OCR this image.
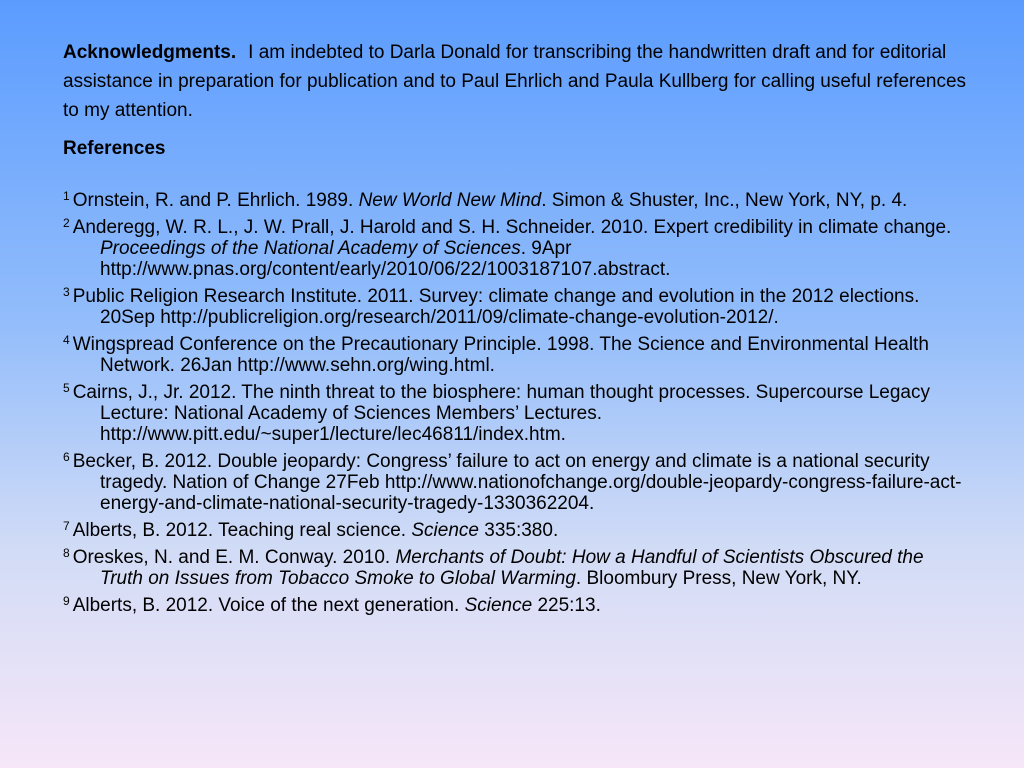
Acknowledgments. I am indebted to Darla Donald for transcribing the handwritten draft and for editorial assistance in preparation for publication and to Paul Ehrlich and Paula Kullberg for calling useful references to my attention.

References
$^1$ Ornstein, R. and P. Ehrlich. 1989. New World New Mind. Simon & Shuster, Inc., New York, NY, p. 4.
$^2$ Anderegg, W. R. L., J. W. Prall, J. Harold and S. H. Schneider. 2010. Expert credibility in climate change. Proceedings of the National Academy of Sciences. 9Apr http://www.pnas.org/content/early/2010/06/22/1003187107.abstract.
$^3$ Public Religion Research Institute. 2011. Survey: climate change and evolution in the 2012 elections. 20Sep http://publicreligion.org/research/2011/09/climate-change-evolution-2012/.
$^4$ Wingspread Conference on the Precautionary Principle. 1998. The Science and Environmental Health Network. 26Jan http://www.sehn.org/wing.html.
$^5$ Cairns, J., Jr. 2012. The ninth threat to the biosphere: human thought processes. Supercourse Legacy Lecture: National Academy of Sciences Members’ Lectures. http://www.pitt.edu/~super1/lecture/lec46811/index.htm.
$^6$ Becker, B. 2012. Double jeopardy: Congress’ failure to act on energy and climate is a national security tragedy. Nation of Change 27Feb http://www.nationofchange.org/double-jeopardy-congress-failure-act-energy-and-climate-national-security-tragedy-1330362204.
$^7$ Alberts, B. 2012. Teaching real science. Science 335:380.
$^8$ Oreskes, N. and E. M. Conway. 2010. Merchants of Doubt: How a Handful of Scientists Obscured the Truth on Issues from Tobacco Smoke to Global Warming. Bloombury Press, New York, NY.
$^9$ Alberts, B. 2012. Voice of the next generation. Science 225:13.
